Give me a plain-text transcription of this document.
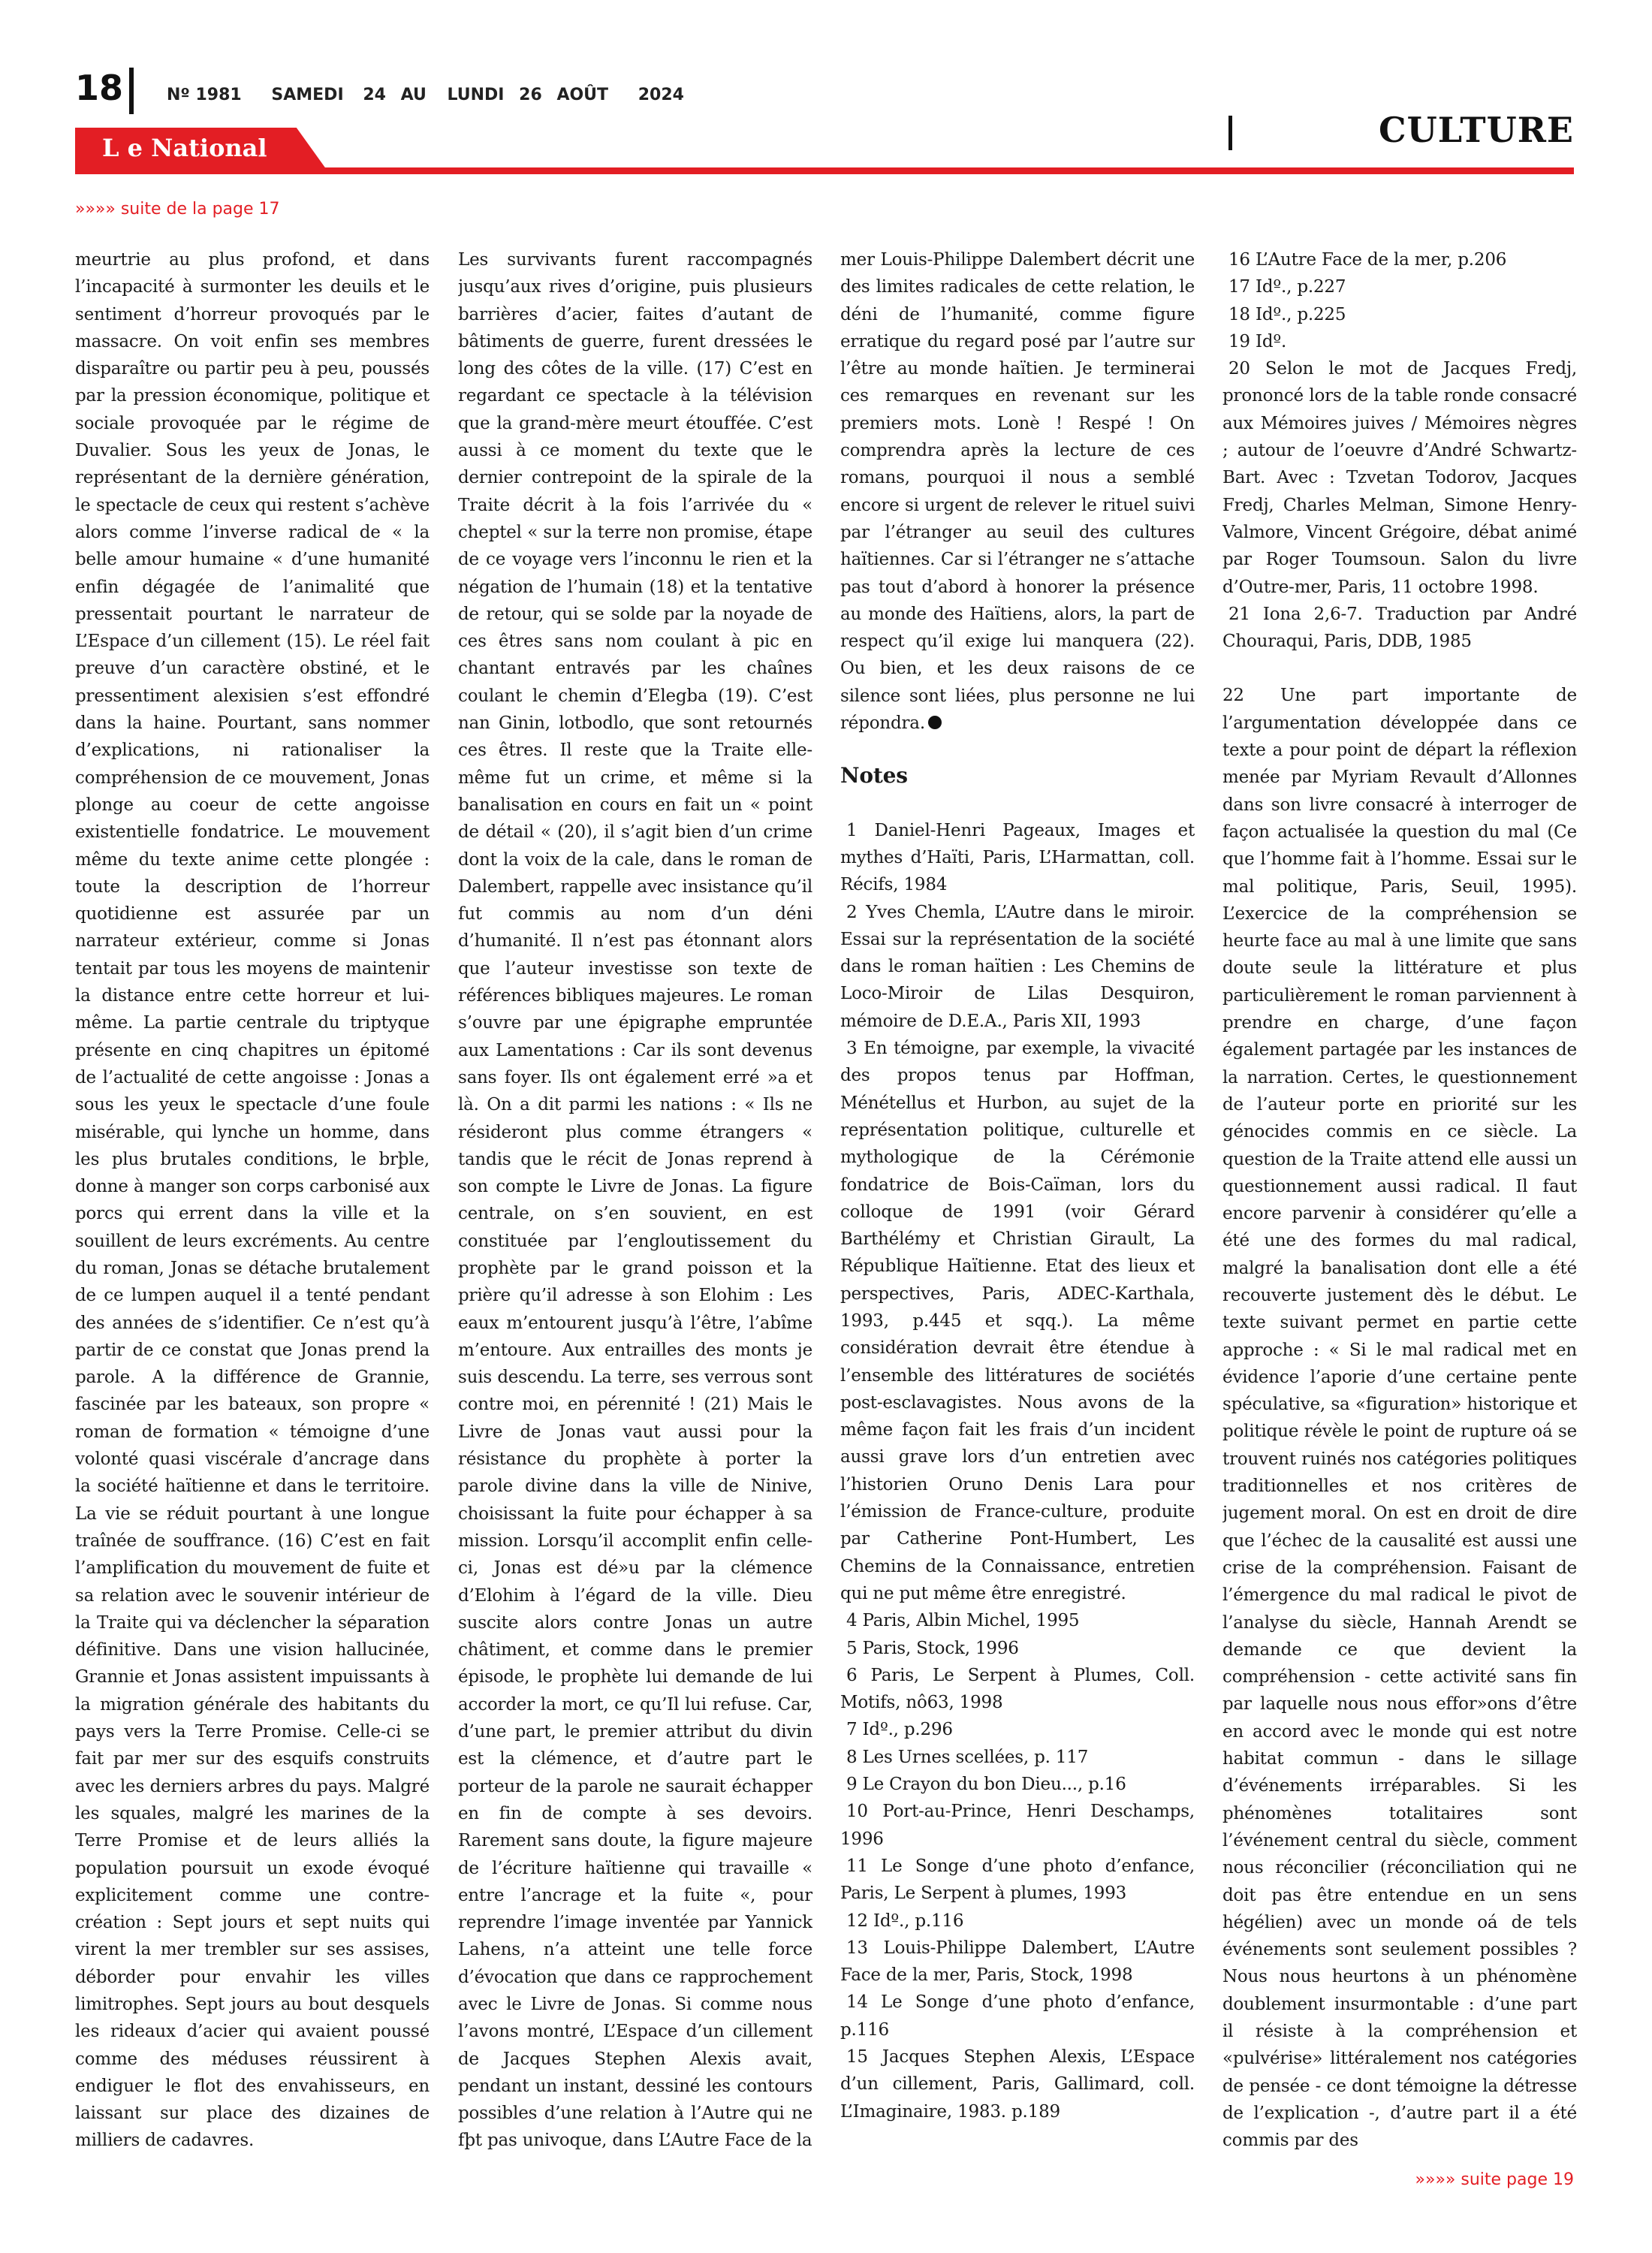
18	Nº 1981 SAMEDI 24 AU LUNDI 26 AOÛT 2024
CULTURE
L e National
»»»» suite de la page 17

meurtrie au plus profond, et dans l’incapacité à surmonter les deuils et le sentiment d’horreur provoqués par le massacre. On voit enfin ses membres disparaître ou partir peu à peu, poussés par la pression économique, politique et sociale provoquée par le régime de Duvalier. Sous les yeux de Jonas, le représentant de la dernière génération, le spectacle de ceux qui restent s’achève alors comme l’inverse radical de « la belle amour humaine « d’une humanité enfin dégagée de l’animalité que pressentait pourtant le narrateur de L’Espace d’un cillement (15). Le réel fait preuve d’un caractère obstiné, et le pressentiment alexisien s’est effondré dans la haine. Pourtant, sans nommer d’explications, ni rationaliser la compréhension de ce mouvement, Jonas plonge au coeur de cette angoisse existentielle fondatrice. Le mouvement même du texte anime cette plongée : toute la description de l’horreur quotidienne est assurée par un narrateur extérieur, comme si Jonas tentait par tous les moyens de maintenir la distance entre cette horreur et lui-même. La partie centrale du triptyque présente en cinq chapitres un épitomé de l’actualité de cette angoisse : Jonas a sous les yeux le spectacle d’une foule misérable, qui lynche un homme, dans les plus brutales conditions, le brþle, donne à manger son corps carbonisé aux porcs qui errent dans la ville et la souillent de leurs excréments. Au centre du roman, Jonas se détache brutalement de ce lumpen auquel il a tenté pendant des années de s’identifier. Ce n’est qu’à partir de ce constat que Jonas prend la parole. A la différence de Grannie, fascinée par les bateaux, son propre « roman de formation « témoigne d’une volonté quasi viscérale d’ancrage dans la société haïtienne et dans le territoire. La vie se réduit pourtant à une longue traînée de souffrance. (16) C’est en fait l’amplification du mouvement de fuite et sa relation avec le souvenir intérieur de la Traite qui va déclencher la séparation définitive. Dans une vision hallucinée, Grannie et Jonas assistent impuissants à la migration générale des habitants du pays vers la Terre Promise. Celle-ci se fait par mer sur des esquifs construits avec les derniers arbres du pays. Malgré les squales, malgré les marines de la Terre Promise et de leurs alliés la population poursuit un exode évoqué explicitement comme une contre-création : Sept jours et sept nuits qui virent la mer trembler sur ses assises, déborder pour envahir les villes limitrophes. Sept jours au bout desquels les rideaux d’acier qui avaient poussé comme des méduses réussirent à endiguer le flot des envahisseurs, en laissant sur place des dizaines de milliers de cadavres.

Les survivants furent raccompagnés jusqu’aux rives d’origine, puis plusieurs barrières d’acier, faites d’autant de bâtiments de guerre, furent dressées le long des côtes de la ville. (17) C’est en regardant ce spectacle à la télévision que la grand-mère meurt étouffée. C’est aussi à ce moment du texte que le dernier contrepoint de la spirale de la Traite décrit à la fois l’arrivée du « cheptel « sur la terre non promise, étape de ce voyage vers l’inconnu le rien et la négation de l’humain (18) et la tentative de retour, qui se solde par la noyade de ces êtres sans nom coulant à pic en chantant entravés par les chaînes coulant le chemin d’Elegba (19). C’est nan Ginin, lotbodlo, que sont retournés ces êtres. Il reste que la Traite elle-même fut un crime, et même si la banalisation en cours en fait un « point de détail « (20), il s’agit bien d’un crime dont la voix de la cale, dans le roman de Dalembert, rappelle avec insistance qu’il fut commis au nom d’un déni d’humanité. Il n’est pas étonnant alors que l’auteur investisse son texte de références bibliques majeures. Le roman s’ouvre par une épigraphe empruntée aux Lamentations : Car ils sont devenus sans foyer. Ils ont également erré »a et là. On a dit parmi les nations : « Ils ne résideront plus comme étrangers « tandis que le récit de Jonas reprend à son compte le Livre de Jonas. La figure centrale, on s’en souvient, en est constituée par l’engloutissement du prophète par le grand poisson et la prière qu’il adresse à son Elohim : Les eaux m’entourent jusqu’à l’être, l’abîme m’entoure. Aux entrailles des monts je suis descendu. La terre, ses verrous sont contre moi, en pérennité ! (21) Mais le Livre de Jonas vaut aussi pour la résistance du prophète à porter la parole divine dans la ville de Ninive, choisissant la fuite pour échapper à sa mission. Lorsqu’il accomplit enfin celle-ci, Jonas est dé»u par la clémence d’Elohim à l’égard de la ville. Dieu suscite alors contre Jonas un autre châtiment, et comme dans le premier épisode, le prophète lui demande de lui accorder la mort, ce qu’Il lui refuse. Car, d’une part, le premier attribut du divin est la clémence, et d’autre part le porteur de la parole ne saurait échapper en fin de compte à ses devoirs. Rarement sans doute, la figure majeure de l’écriture haïtienne qui travaille « entre l’ancrage et la fuite «, pour reprendre l’image inventée par Yannick Lahens, n’a atteint une telle force d’évocation que dans ce rapprochement avec le Livre de Jonas. Si comme nous l’avons montré, L’Espace d’un cillement de Jacques Stephen Alexis avait, pendant un instant, dessiné les contours possibles d’une relation à l’Autre qui ne fþt pas univoque, dans L’Autre Face de la

mer Louis-Philippe Dalembert décrit une des limites radicales de cette relation, le déni de l’humanité, comme figure erratique du regard posé par l’autre sur l’être au monde haïtien. Je terminerai ces remarques en revenant sur les premiers mots. Lonè ! Respé ! On comprendra après la lecture de ces romans, pourquoi il nous a semblé encore si urgent de relever le rituel suivi par l’étranger au seuil des cultures haïtiennes. Car si l’étranger ne s’attache pas tout d’abord à honorer la présence au monde des Haïtiens, alors, la part de respect qu’il exige lui manquera (22). Ou bien, et les deux raisons de ce silence sont liées, plus personne ne lui répondra.

Notes

1 Daniel-Henri Pageaux, Images et mythes d’Haïti, Paris, L’Harmattan, coll. Récifs, 1984

2 Yves Chemla, L’Autre dans le miroir. Essai sur la représentation de la société dans le roman haïtien : Les Chemins de Loco-Miroir de Lilas Desquiron, mémoire de D.E.A., Paris XII, 1993

3 En témoigne, par exemple, la vivacité des propos tenus par Hoffman, Ménétellus et Hurbon, au sujet de la représentation politique, culturelle et mythologique de la Cérémonie fondatrice de Bois-Caïman, lors du colloque de 1991 (voir Gérard Barthélémy et Christian Girault, La République Haïtienne. Etat des lieux et perspectives, Paris, ADEC-Karthala, 1993, p.445 et sqq.). La même considération devrait être étendue à l’ensemble des littératures de sociétés post-esclavagistes. Nous avons de la même façon fait les frais d’un incident aussi grave lors d’un entretien avec l’historien Oruno Denis Lara pour l’émission de France-culture, produite par Catherine Pont-Humbert, Les Chemins de la Connaissance, entretien qui ne put même être enregistré.

4 Paris, Albin Michel, 1995

5 Paris, Stock, 1996

6 Paris, Le Serpent à Plumes, Coll. Motifs, nô63, 1998

7 Idº., p.296

8 Les Urnes scellées, p. 117

9 Le Crayon du bon Dieu..., p.16

10 Port-au-Prince, Henri Deschamps, 1996

11 Le Songe d’une photo d’enfance, Paris, Le Serpent à plumes, 1993

12 Idº., p.116

13 Louis-Philippe Dalembert, L’Autre Face de la mer, Paris, Stock, 1998

14 Le Songe d’une photo d’enfance, p.116

15 Jacques Stephen Alexis, L’Espace d’un cillement, Paris, Gallimard, coll. L’Imaginaire, 1983. p.189

16 L’Autre Face de la mer, p.206

17 Idº., p.227

18 Idº., p.225

19 Idº.

20 Selon le mot de Jacques Fredj, prononcé lors de la table ronde consacré aux Mémoires juives / Mémoires nègres ; autour de l’oeuvre d’André Schwartz-Bart. Avec : Tzvetan Todorov, Jacques Fredj, Charles Melman, Simone Henry-Valmore, Vincent Grégoire, débat animé par Roger Toumsoun. Salon du livre d’Outre-mer, Paris, 11 octobre 1998.

21 Iona 2,6-7. Traduction par André Chouraqui, Paris, DDB, 1985

22 Une part importante de l’argumentation développée dans ce texte a pour point de départ la réflexion menée par Myriam Revault d’Allonnes dans son livre consacré à interroger de façon actualisée la question du mal (Ce que l’homme fait à l’homme. Essai sur le mal politique, Paris, Seuil, 1995). L’exercice de la compréhension se heurte face au mal à une limite que sans doute seule la littérature et plus particulièrement le roman parviennent à prendre en charge, d’une façon également partagée par les instances de la narration. Certes, le questionnement de l’auteur porte en priorité sur les génocides commis en ce siècle. La question de la Traite attend elle aussi un questionnement aussi radical. Il faut encore parvenir à considérer qu’elle a été une des formes du mal radical, malgré la banalisation dont elle a été recouverte justement dès le début. Le texte suivant permet en partie cette approche : « Si le mal radical met en évidence l’aporie d’une certaine pente spéculative, sa «figuration» historique et politique révèle le point de rupture oá se trouvent ruinés nos catégories politiques traditionnelles et nos critères de jugement moral. On est en droit de dire que l’échec de la causalité est aussi une crise de la compréhension. Faisant de l’émergence du mal radical le pivot de l’analyse du siècle, Hannah Arendt se demande ce que devient la compréhension - cette activité sans fin par laquelle nous nous effor»ons d’être en accord avec le monde qui est notre habitat commun - dans le sillage d’événements irréparables. Si les phénomènes totalitaires sont l’événement central du siècle, comment nous réconcilier (réconciliation qui ne doit pas être entendue en un sens hégélien) avec un monde oá de tels événements sont seulement possibles ? Nous nous heurtons à un phénomène doublement insurmontable : d’une part il résiste à la compréhension et «pulvérise» littéralement nos catégories de pensée - ce dont témoigne la détresse de l’explication -, d’autre part il a été commis par des

»»»» suite page 19
